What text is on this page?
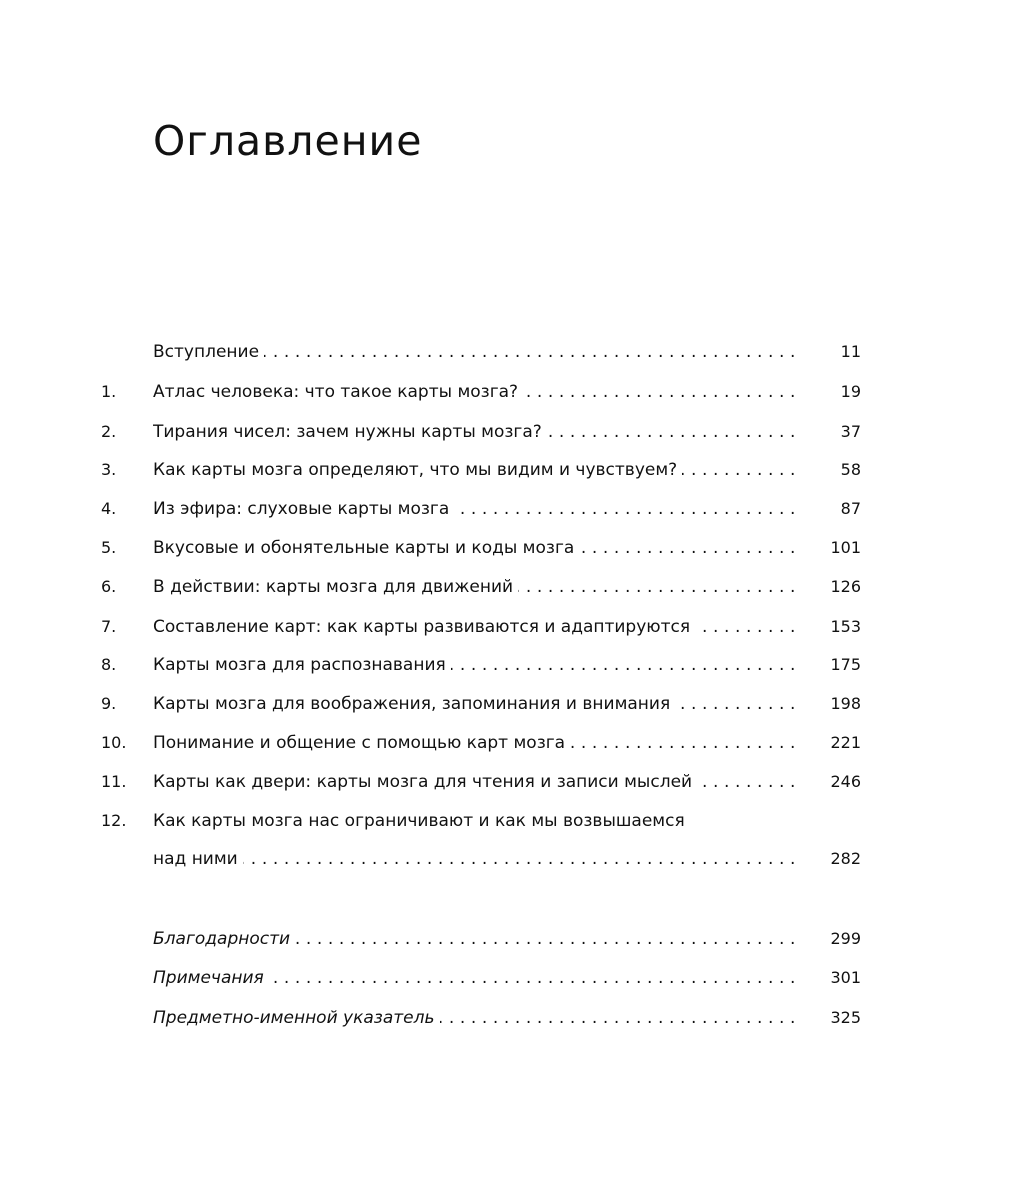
Оглавление
Вступление .....	11
1.	Атлас человека: что такое карты мозга? .....	19
2.	Тирания чисел: зачем нужны карты мозга? .....	37
3.	Как карты мозга определяют, что мы видим и чувствуем? .....	58
4.	Из эфира: слуховые карты мозга .....	87
5.	Вкусовые и обонятельные карты и коды мозга .....	101
6.	В действии: карты мозга для движений .....	126
7.	Составление карт: как карты развиваются и адаптируются .....	153
8.	Карты мозга для распознавания .....	175
9.	Карты мозга для воображения, запоминания и внимания .....	198
10.	Понимание и общение с помощью карт мозга .....	221
11.	Карты как двери: карты мозга для чтения и записи мыслей .....	246
12.	Как карты мозга нас ограничивают и как мы возвышаемся
над ними .....	282
Благодарности .....	299
Примечания .....	301
Предметно-именной указатель .....	325
